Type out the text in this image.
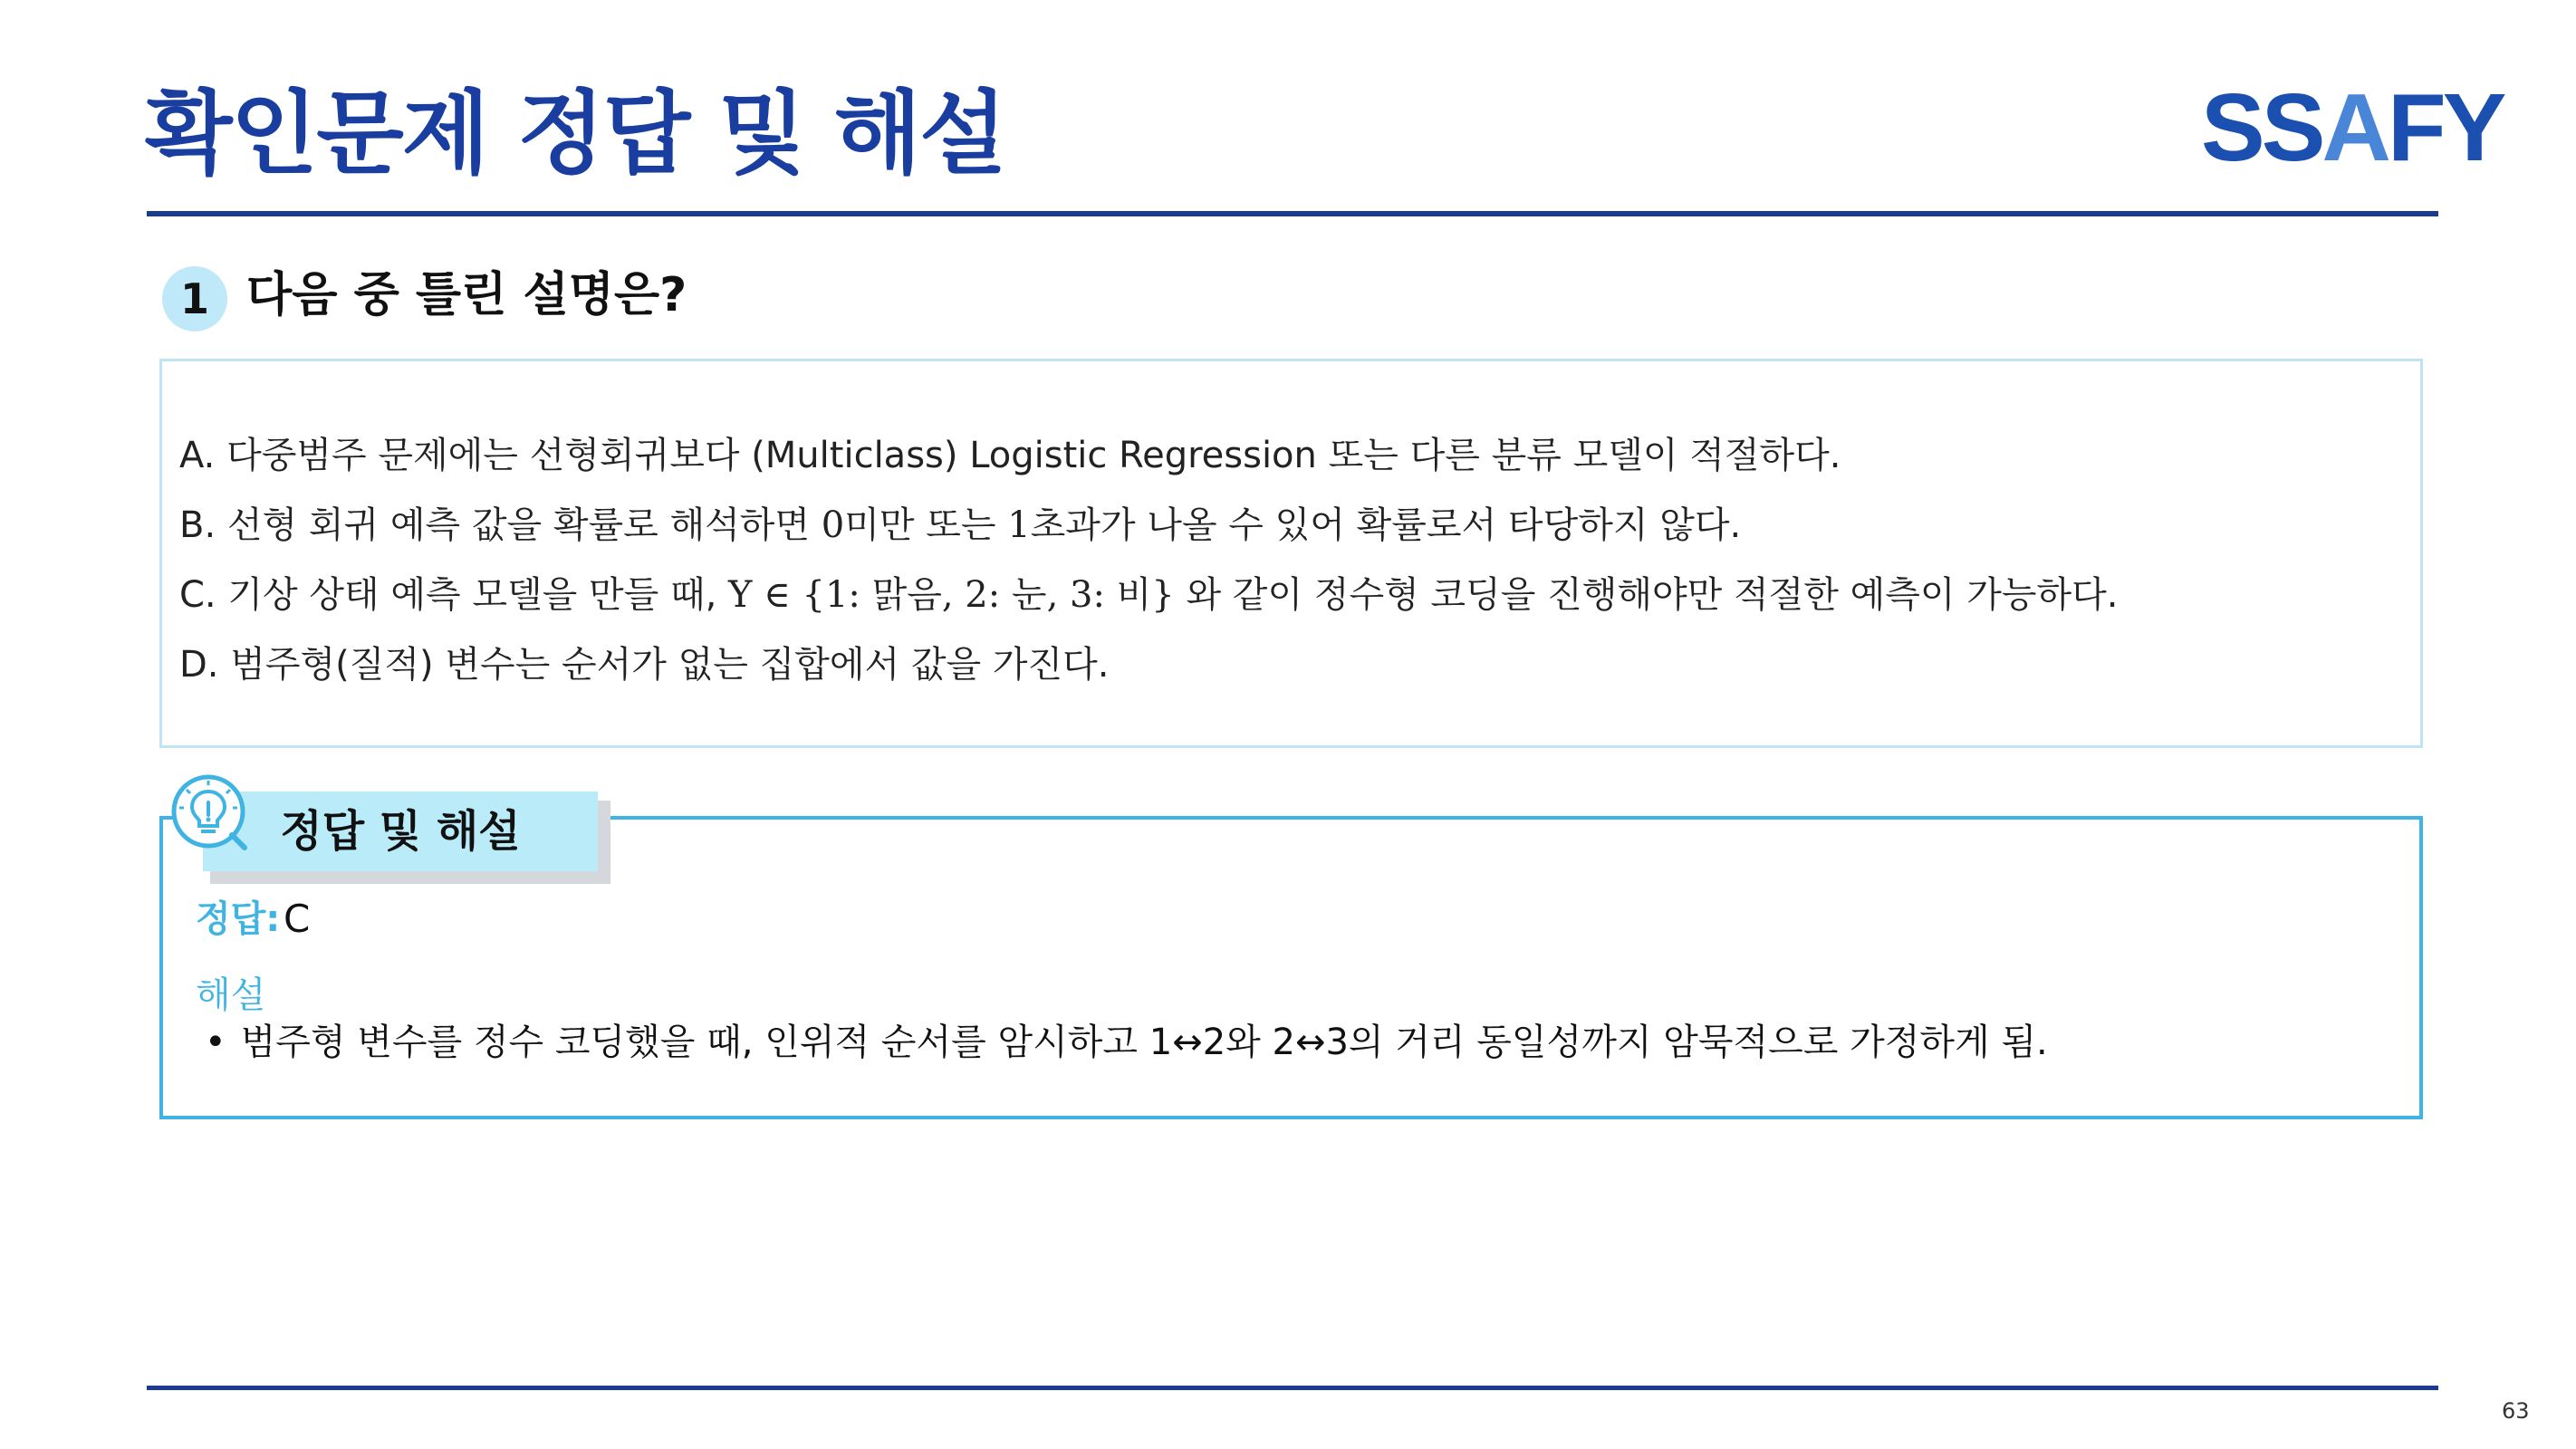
확인문제 정답 및 해설	SSAFY
1 다음 중 틀린 설명은?
A. 다중범주 문제에는 선형회귀보다 (Multiclass) Logistic Regression 또는 다른 분류 모델이 적절하다.
B. 선형 회귀 예측 값을 확률로 해석하면 0미만 또는 1초과가 나올 수 있어 확률로서 타당하지 않다.
C. 기상 상태 예측 모델을 만들 때, Y ∈ {1: 맑음, 2: 눈, 3: 비} 와 같이 정수형 코딩을 진행해야만 적절한 예측이 가능하다.
D. 범주형(질적) 변수는 순서가 없는 집합에서 값을 가진다.
정답 및 해설
정답: C
해설
• 범주형 변수를 정수 코딩했을 때, 인위적 순서를 암시하고 1↔2와 2↔3의 거리 동일성까지 암묵적으로 가정하게 됨.
63
